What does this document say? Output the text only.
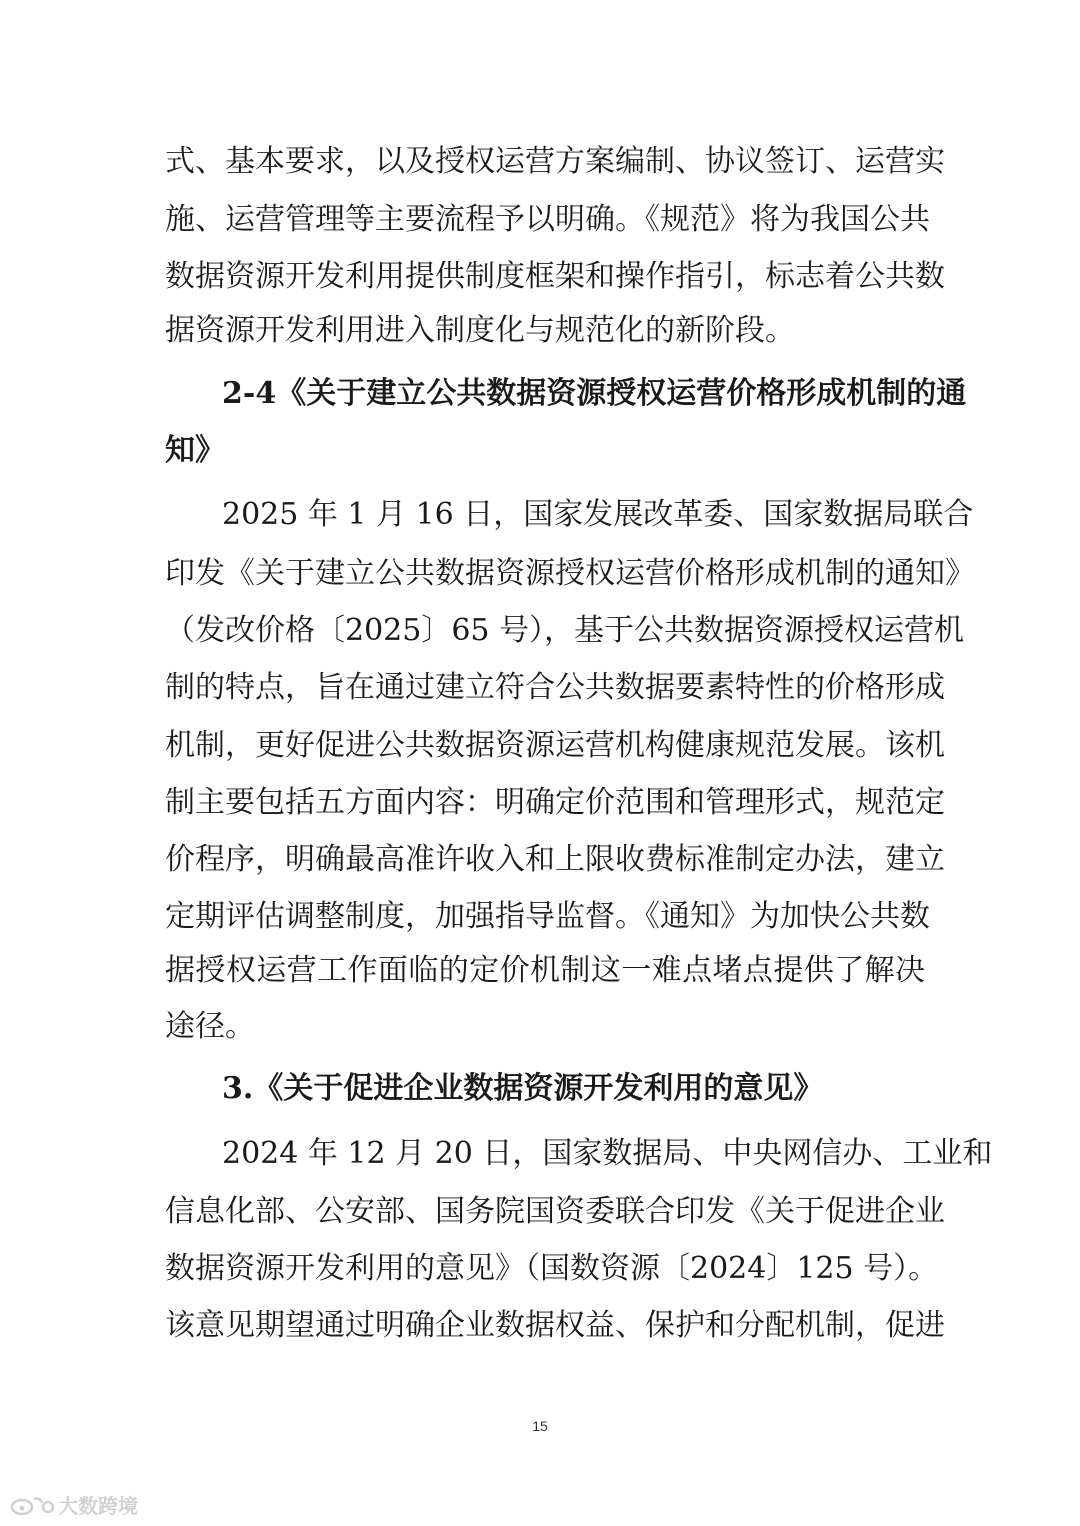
式、基本要求，以及授权运营方案编制、协议签订、运营实
施、运营管理等主要流程予以明确。《规范》将为我国公共
数据资源开发利用提供制度框架和操作指引，标志着公共数
据资源开发利用进入制度化与规范化的新阶段。
2-4《关于建立公共数据资源授权运营价格形成机制的通
知》
2025 年 1 月 16 日，国家发展改革委、国家数据局联合
印发《关于建立公共数据资源授权运营价格形成机制的通知》
（发改价格〔2025〕65 号），基于公共数据资源授权运营机
制的特点，旨在通过建立符合公共数据要素特性的价格形成
机制，更好促进公共数据资源运营机构健康规范发展。该机
制主要包括五方面内容：明确定价范围和管理形式，规范定
价程序，明确最高准许收入和上限收费标准制定办法，建立
定期评估调整制度，加强指导监督。《通知》为加快公共数
据授权运营工作面临的定价机制这一难点堵点提供了解决
途径。
3.《关于促进企业数据资源开发利用的意见》
2024 年 12 月 20 日，国家数据局、中央网信办、工业和
信息化部、公安部、国务院国资委联合印发《关于促进企业
数据资源开发利用的意见》（国数资源〔2024〕125 号）。
该意见期望通过明确企业数据权益、保护和分配机制，促进
15
大数跨境
